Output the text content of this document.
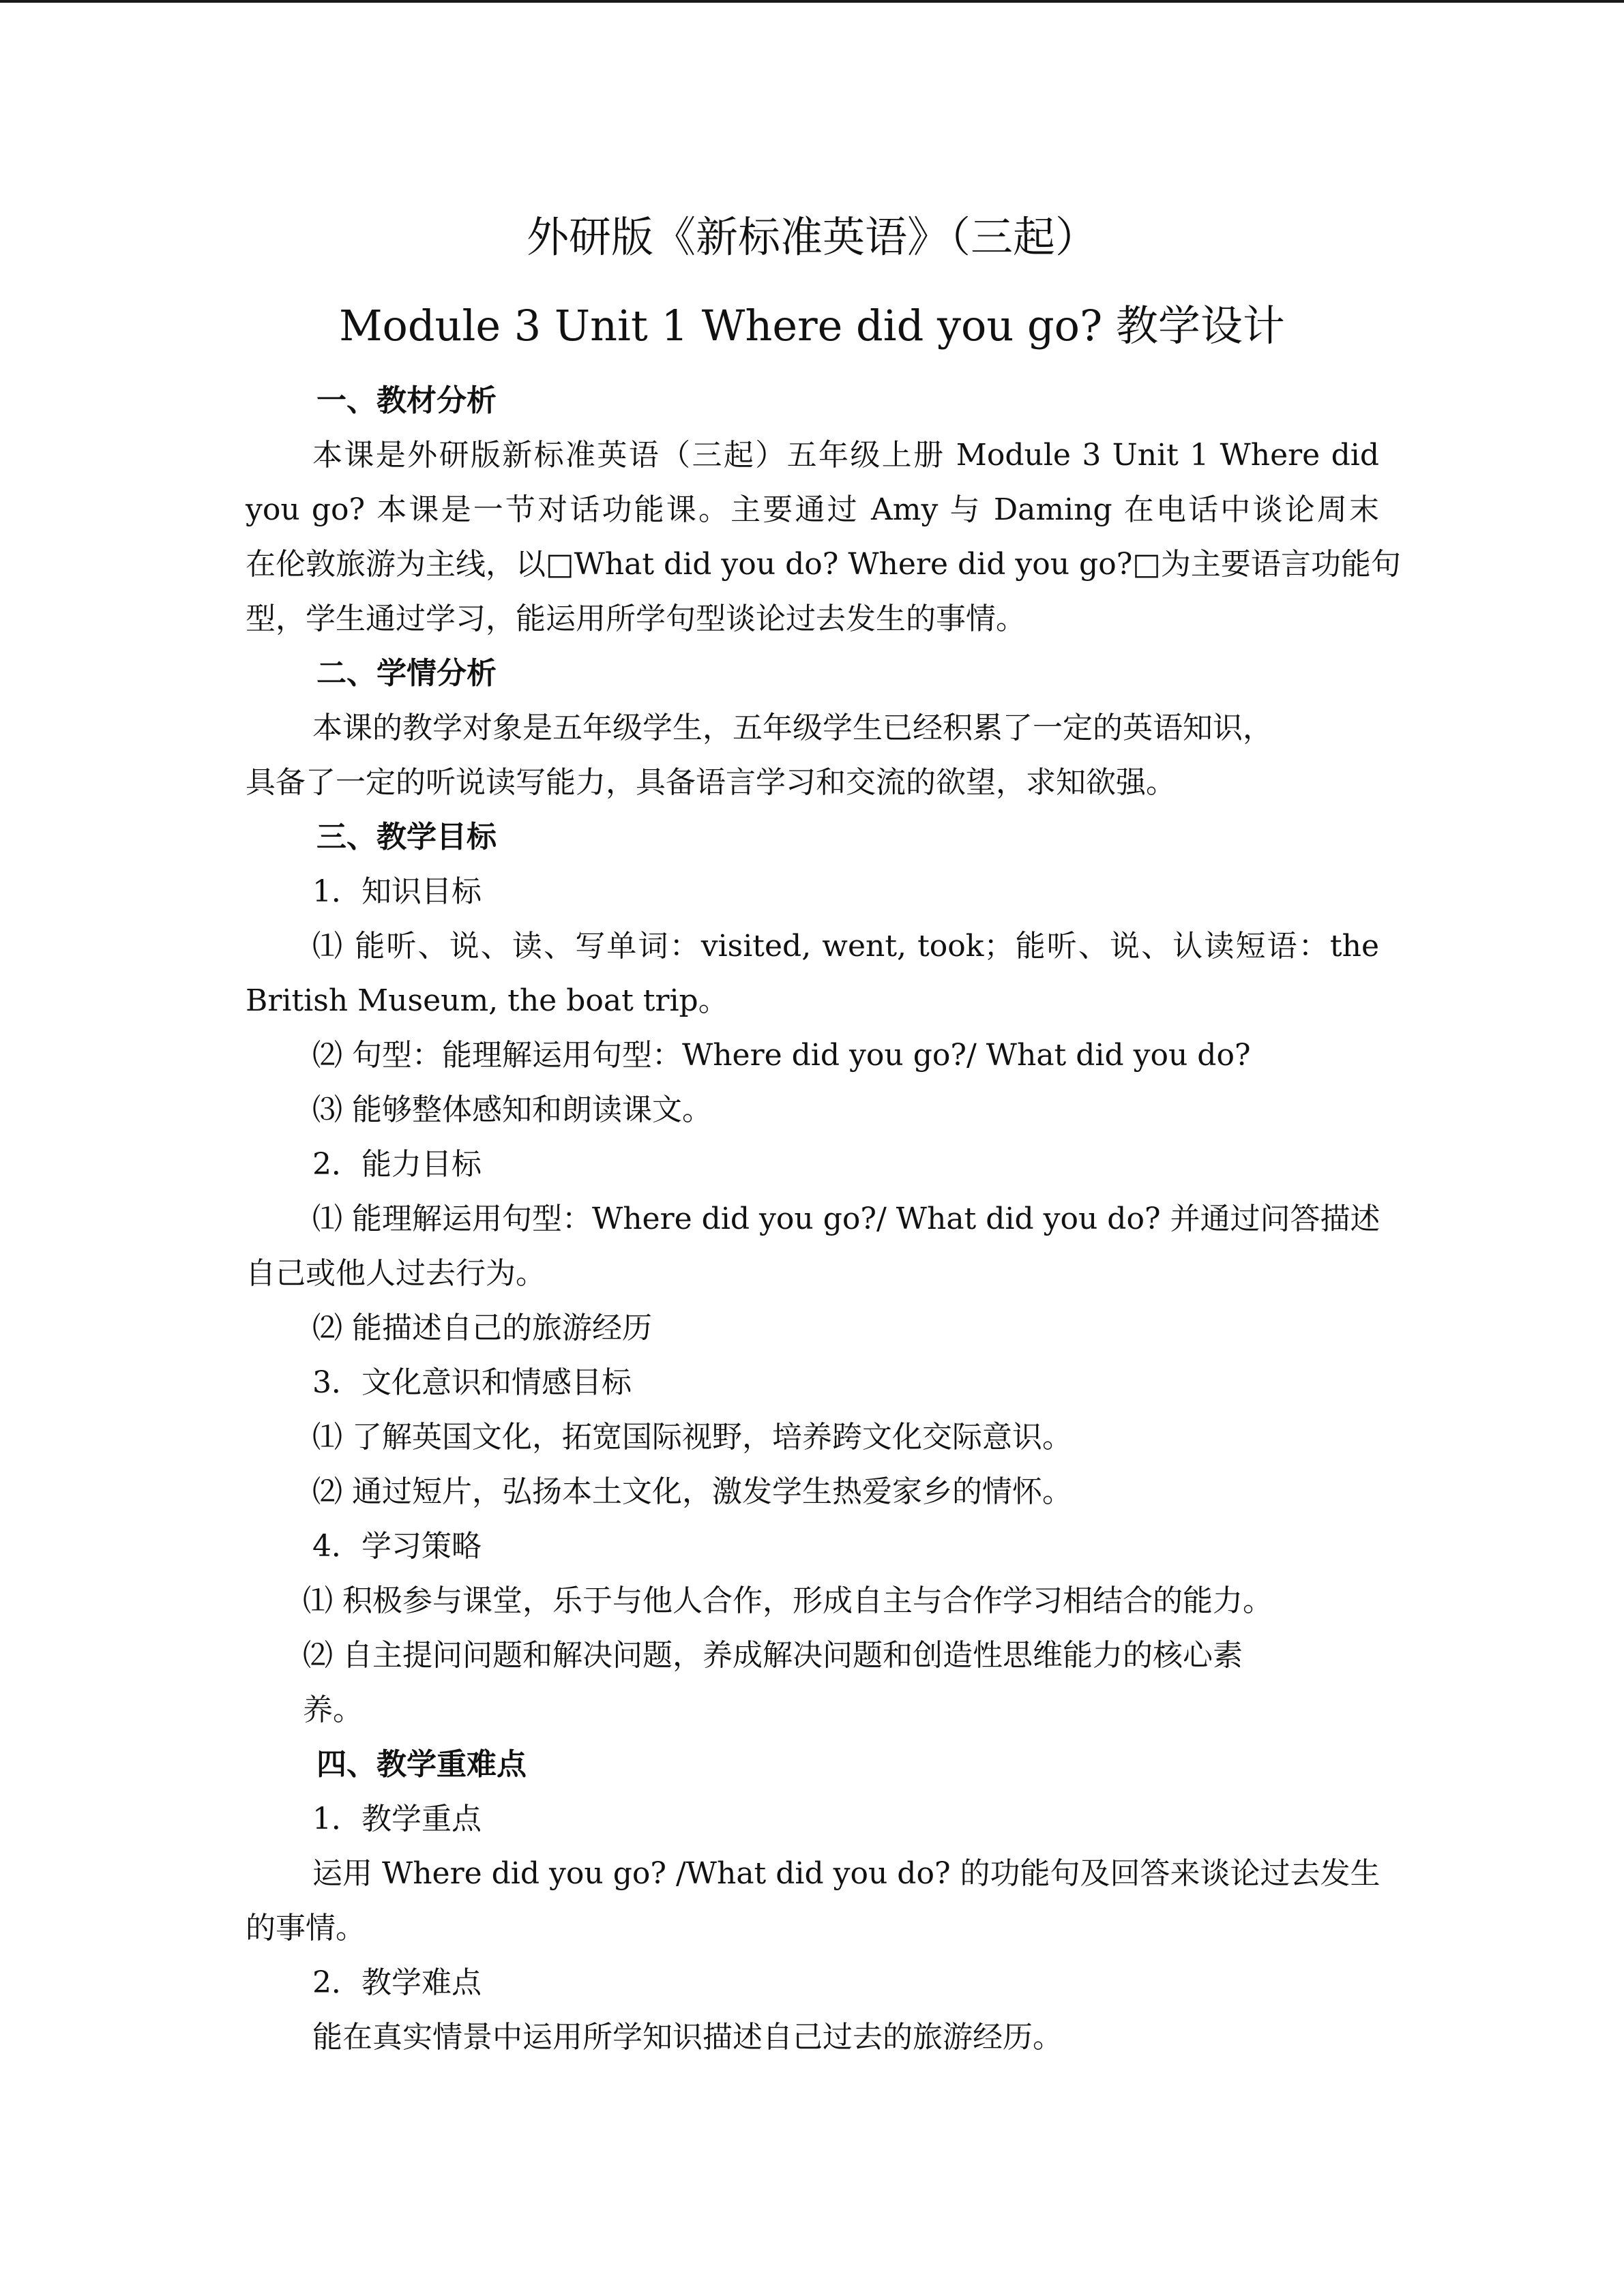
外研版《新标准英语》（三起）
Module 3 Unit 1 Where did you go? 教学设计
一、教材分析
本课是外研版新标准英语（三起）五年级上册 Module 3 Unit 1 Where did
you go? 本课是一节对话功能课。主要通过 Amy 与 Daming 在电话中谈论周末
在伦敦旅游为主线，以□What did you do? Where did you go?□为主要语言功能句
型，学生通过学习，能运用所学句型谈论过去发生的事情。
二、学情分析
本课的教学对象是五年级学生，五年级学生已经积累了一定的英语知识，
具备了一定的听说读写能力，具备语言学习和交流的欲望，求知欲强。
三、教学目标
1．知识目标
⑴ 能听、说、读、写单词：visited, went, took；能听、说、认读短语：the
British Museum, the boat trip。
⑵ 句型：能理解运用句型：Where did you go?/ What did you do?
⑶ 能够整体感知和朗读课文。
2．能力目标
⑴ 能理解运用句型：Where did you go?/ What did you do? 并通过问答描述
自己或他人过去行为。
⑵ 能描述自己的旅游经历
3．文化意识和情感目标
⑴ 了解英国文化，拓宽国际视野，培养跨文化交际意识。
⑵ 通过短片，弘扬本土文化，激发学生热爱家乡的情怀。
4．学习策略
⑴ 积极参与课堂，乐于与他人合作，形成自主与合作学习相结合的能力。
⑵ 自主提问问题和解决问题，养成解决问题和创造性思维能力的核心素
养。
四、教学重难点
1．教学重点
运用 Where did you go? /What did you do? 的功能句及回答来谈论过去发生
的事情。
2．教学难点
能在真实情景中运用所学知识描述自己过去的旅游经历。
